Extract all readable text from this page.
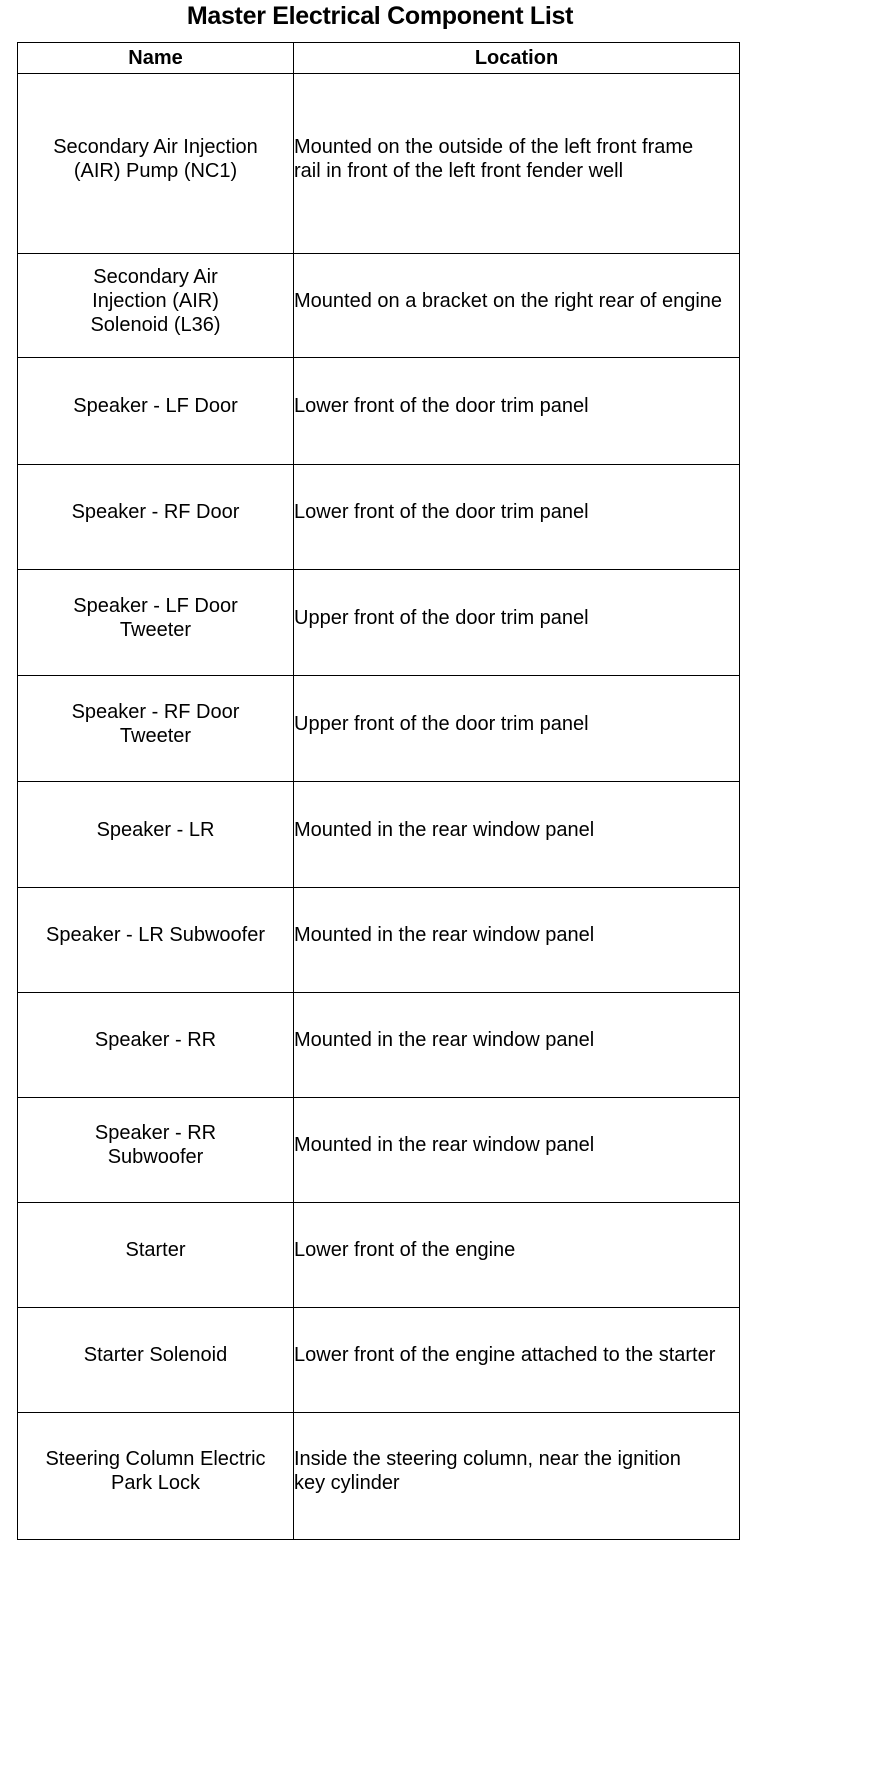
Master Electrical Component List
Name	Location

Secondary Air Injection (AIR) Pump (NC1)	Mounted on the outside of the left front frame rail in front of the left front fender well

Secondary Air Injection (AIR) Solenoid (L36)	Mounted on a bracket on the right rear of engine

Speaker - LF Door	Lower front of the door trim panel

Speaker - RF Door	Lower front of the door trim panel

Speaker - LF Door Tweeter	Upper front of the door trim panel

Speaker - RF Door Tweeter	Upper front of the door trim panel

Speaker - LR	Mounted in the rear window panel

Speaker - LR Subwoofer	Mounted in the rear window panel

Speaker - RR	Mounted in the rear window panel

Speaker - RR Subwoofer	Mounted in the rear window panel

Starter	Lower front of the engine

Starter Solenoid	Lower front of the engine attached to the starter

Steering Column Electric Park Lock	Inside the steering column, near the ignition key cylinder
